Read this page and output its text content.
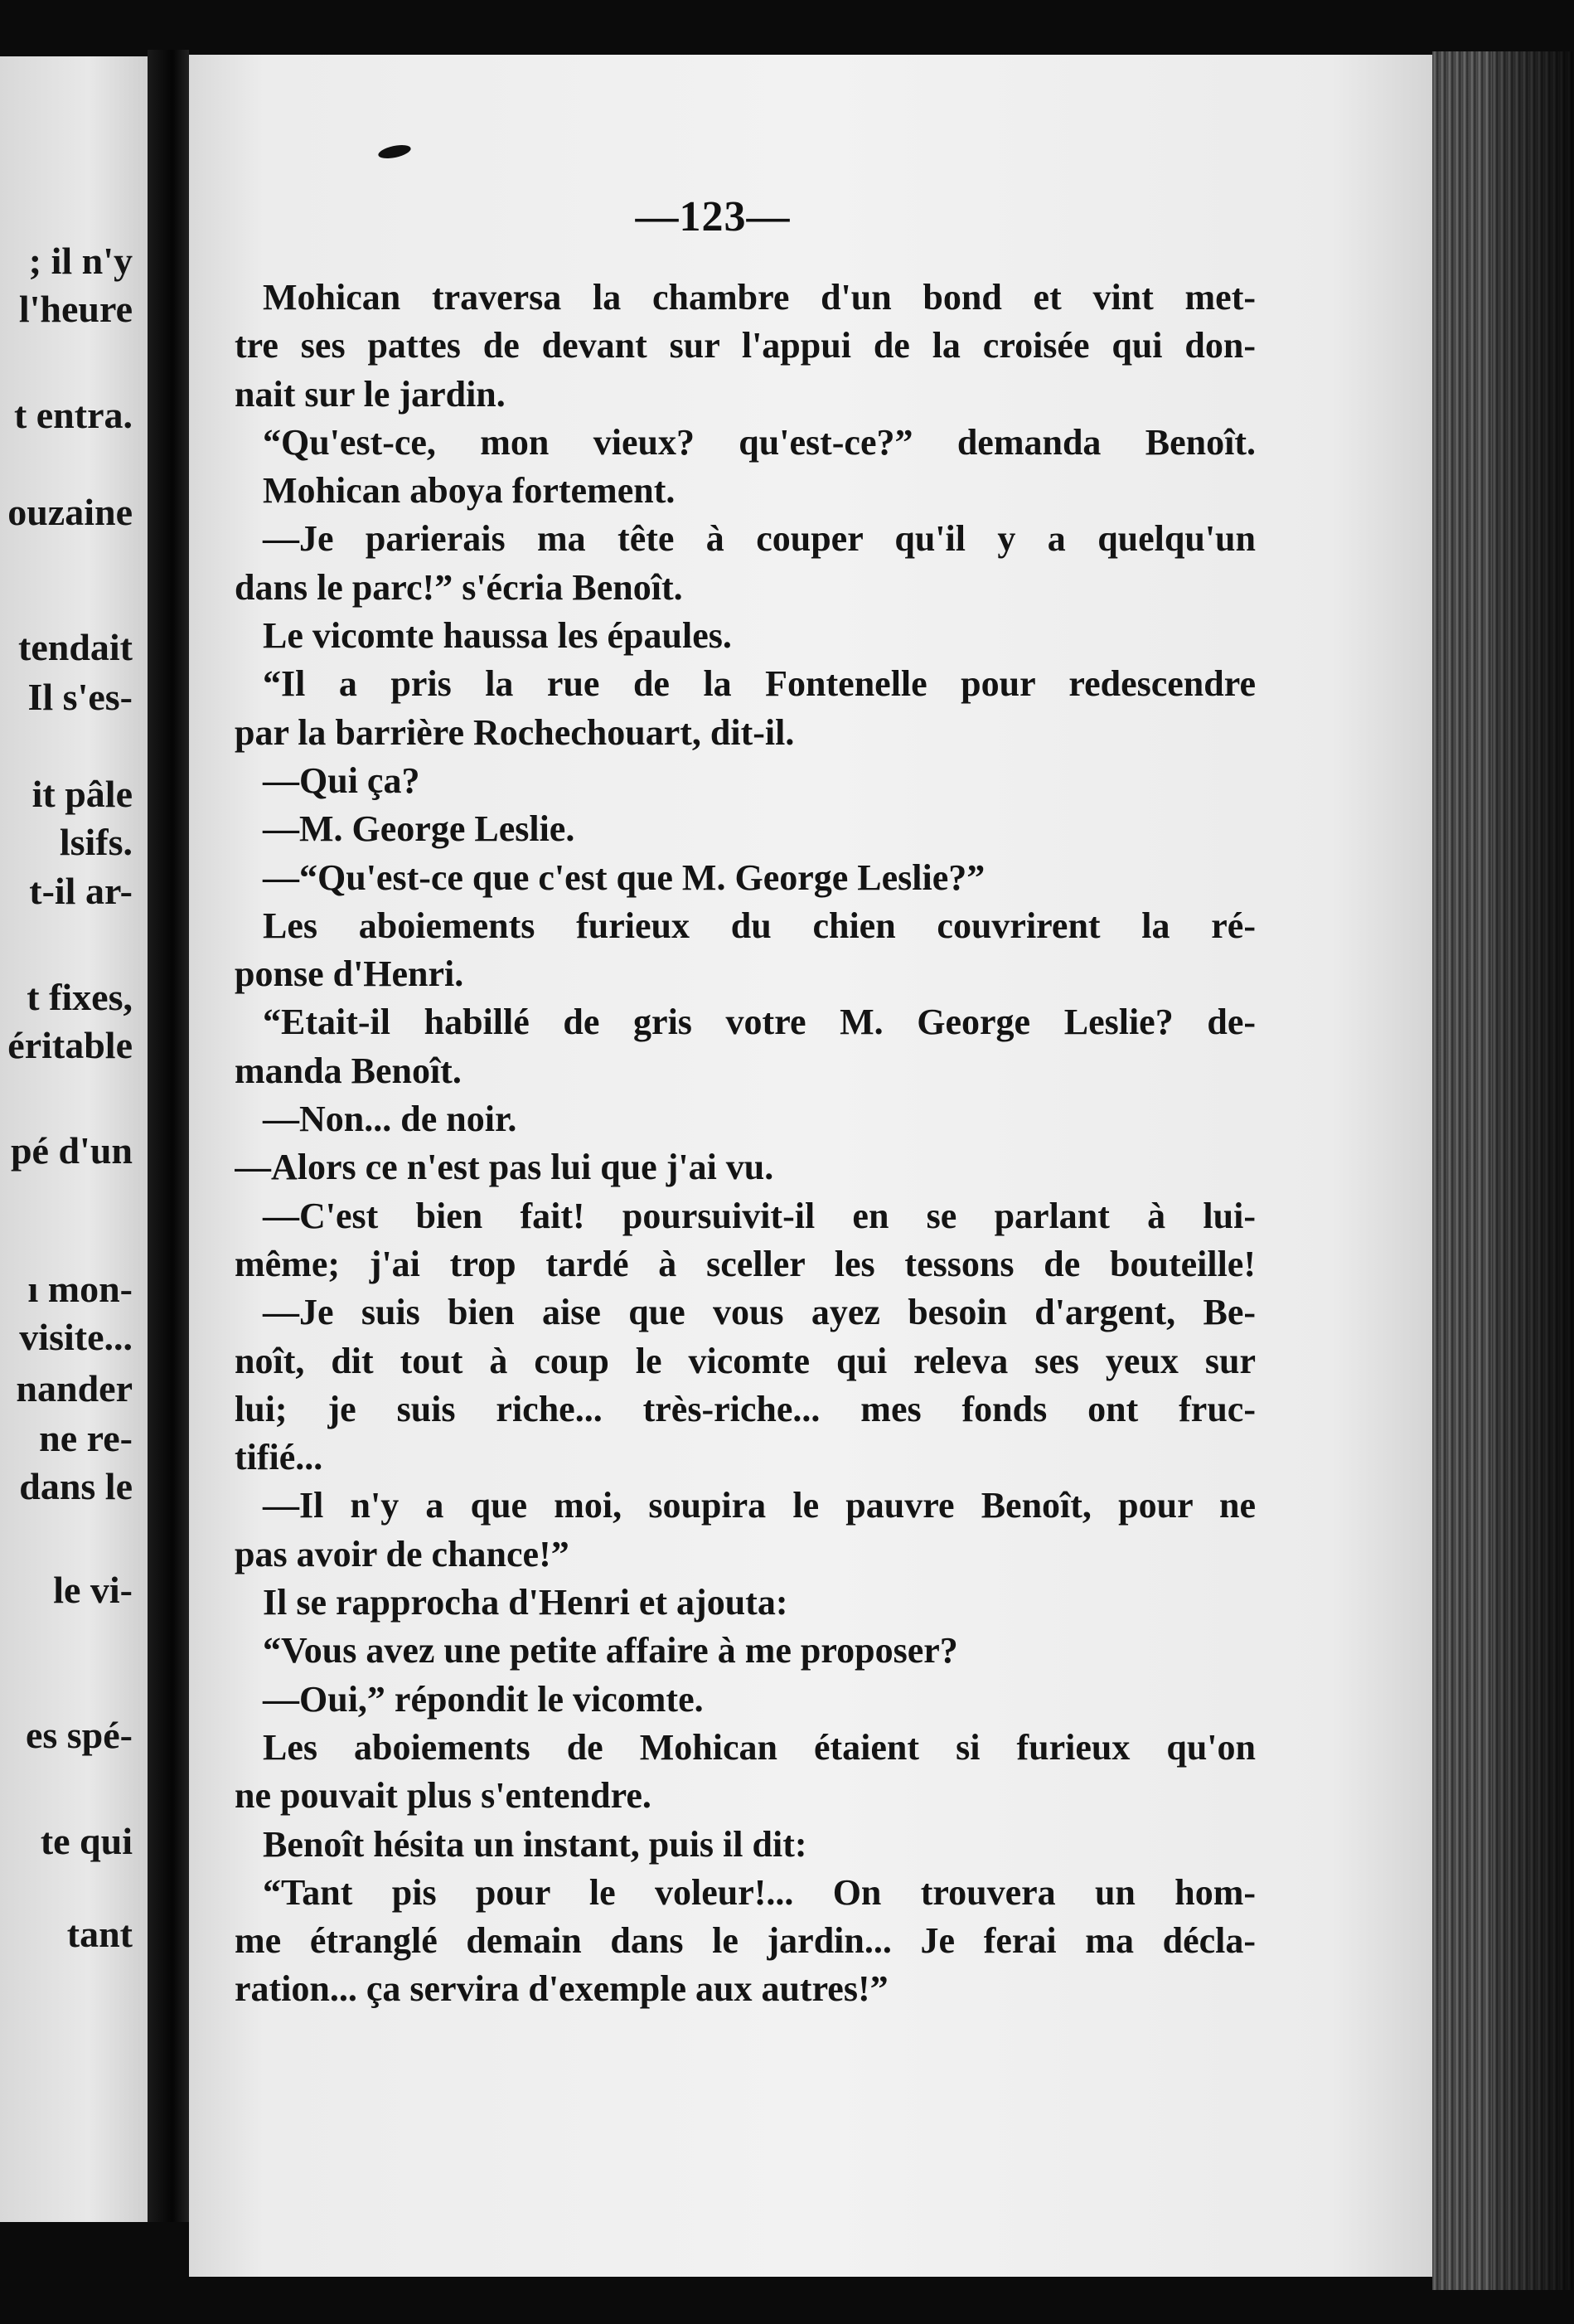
; il n'y

l'heure

t entra.

ouzaine

tendait

Il s'es-

it pâle

lsifs.

t-il ar-

t fixes,

éritable

pé d'un

ı mon-

visite...

nander

ne re-

dans le

le vi-

es spé-

te qui

tant

—123—

Mohican traversa la chambre d'un bond et vint met-
tre ses pattes de devant sur l'appui de la croisée qui don-
nait sur le jardin.
“Qu'est-ce, mon vieux? qu'est-ce?” demanda Benoît.
Mohican aboya fortement.
—Je parierais ma tête à couper qu'il y a quelqu'un
dans le parc!” s'écria Benoît.
Le vicomte haussa les épaules.
“Il a pris la rue de la Fontenelle pour redescendre
par la barrière Rochechouart, dit-il.
—Qui ça?
—M. George Leslie.
—“Qu'est-ce que c'est que M. George Leslie?”
Les aboiements furieux du chien couvrirent la ré-
ponse d'Henri.
“Etait-il habillé de gris votre M. George Leslie? de-
manda Benoît.
—Non... de noir.
—Alors ce n'est pas lui que j'ai vu.
—C'est bien fait! poursuivit-il en se parlant à lui-
même; j'ai trop tardé à sceller les tessons de bouteille!
—Je suis bien aise que vous ayez besoin d'argent, Be-
noît, dit tout à coup le vicomte qui releva ses yeux sur
lui; je suis riche... très-riche... mes fonds ont fruc-
tifié...
—Il n'y a que moi, soupira le pauvre Benoît, pour ne
pas avoir de chance!”
Il se rapprocha d'Henri et ajouta:
“Vous avez une petite affaire à me proposer?
—Oui,” répondit le vicomte.
Les aboiements de Mohican étaient si furieux qu'on
ne pouvait plus s'entendre.
Benoît hésita un instant, puis il dit:
“Tant pis pour le voleur!... On trouvera un hom-
me étranglé demain dans le jardin... Je ferai ma décla-
ration... ça servira d'exemple aux autres!”
